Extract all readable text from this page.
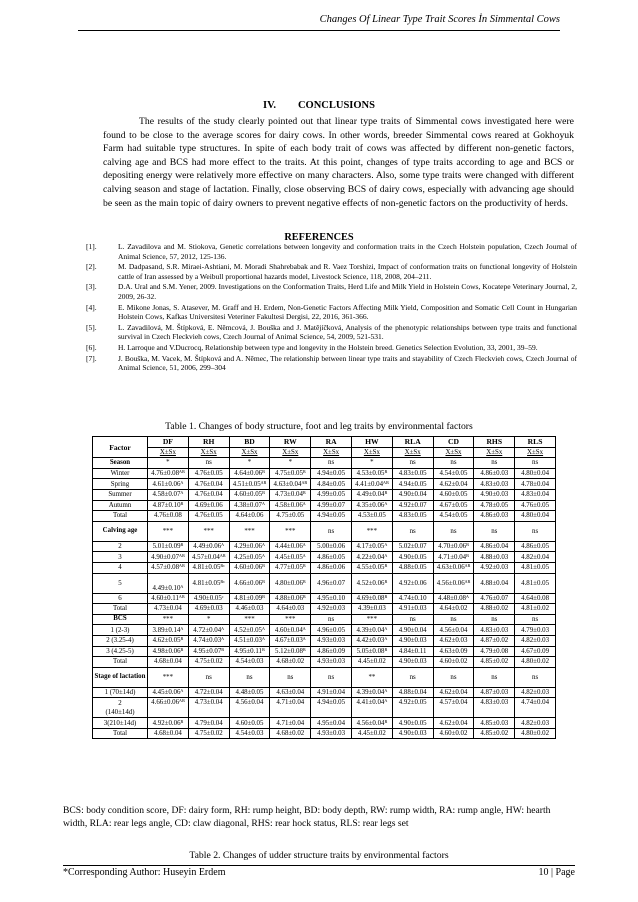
Changes Of Linear Type Trait Scores İn Simmental Cows
IV. CONCLUSIONS
The results of the study clearly pointed out that linear type traits of Simmental cows investigated here were found to be close to the average scores for dairy cows. In other words, breeder Simmental cows reared at Gokhoyuk Farm had suitable type structures. In spite of each body trait of cows was affected by different non-genetic factors, calving age and BCS had more effect to the traits. At this point, changes of type traits according to age and BCS or depositing energy were relatively more effective on many characters. Also, some type traits were changed with different calving season and stage of lactation. Finally, close observing BCS of dairy cows, especially with advancing age should be seen as the main topic of dairy owners to prevent negative effects of non-genetic factors on the productivity of herds.
REFERENCES
[1].	L. Zavadilova and M. Stiokova, Genetic correlations between longevity and conformation traits in the Czech Holstein population, Czech Journal of Animal Science, 57, 2012, 125-136.
[2].	M. Dadpasand, S.R. Miraei-Ashtiani, M. Moradi Shahrebabak and R. Vaez Torshizi, Impact of conformation traits on functional longevity of Holstein cattle of Iran assessed by a Weibull proportional hazards model, Livestock Science, 118, 2008, 204–211.
[3].	D.A. Ural and S.M. Yener, 2009. Investigations on the Conformation Traits, Herd Life and Milk Yield in Holstein Cows, Kocatepe Veterinary Journal, 2, 2009, 26-32.
[4].	E. Mikone Jonas, S. Atasever, M. Graff and H. Erdem, Non-Genetic Factors Affecting Milk Yield, Composition and Somatic Cell Count in Hungarian Holstein Cows, Kafkas Universitesi Veteriner Fakultesi Dergisi, 22, 2016, 361-366.
[5].	L. Zavadilová, M. Štípková, E. Němcová, J. Bouška and J. Matějíčková, Analysis of the phenotypic relationships between type traits and functional survival in Czech Fleckvieh cows, Czech Journal of Animal Science, 54, 2009, 521-531.
[6].	H. Larroque and V.Ducrocq, Relationship between type and longevity in the Holstein breed. Genetics Selection Evolution, 33, 2001, 39–59.
[7].	J. Bouška, M. Vacek, M. Štípková and A. Němec, The relationship between linear type traits and stayability of Czech Fleckvieh cows, Czech Journal of Animal Science, 51, 2006, 299–304
Table 1. Changes of body structure, foot and leg traits by environmental factors
Factor	DF	RH	BD	RW	RA	HW	RLA	CD	RHS	RLS
	X±Sx	X±Sx	X±Sx	X±Sx	X±Sx	X±Sx	X±Sx	X±Sx	X±Sx	X±Sx
Season	*	ns	*	*	ns	*	ns	ns	ns	ns

Winter	4.76±0.08ᴬᴮ	4.76±0.05	4.64±0.06ᴮ	4.75±0.05ᴮ	4.94±0.05	4.53±0.05ᴮ	4.83±0.05	4.54±0.05	4.86±0.03	4.80±0.04

Spring	4.61±0.06ᴬ	4.76±0.04	4.51±0.05ᴬᴮ	4.63±0.04ᴬᴮ	4.84±0.05	4.41±0.04ᴬᴮ	4.94±0.05	4.62±0.04	4.83±0.03	4.78±0.04

Summer	4.58±0.07ᴬ	4.76±0.04	4.60±0.05ᴮ	4.73±0.04ᴮ	4.99±0.05	4.49±0.04ᴮ	4.90±0.04	4.60±0.05	4.90±0.03	4.83±0.04

Autumn	4.87±0.10ᴮ	4.69±0.06	4.38±0.07ᴬ	4.58±0.06ᴬ	4.99±0.07	4.35±0.06ᴬ	4.92±0.07	4.67±0.05	4.78±0.05	4.76±0.05
Total	4.76±0.08	4.76±0.05	4.64±0.06	4.75±0.05	4.94±0.05	4.53±0.05	4.83±0.05	4.54±0.05	4.86±0.03	4.80±0.04
Calving age	***	***	***	***	ns	***	ns	ns	ns	ns

2	5.01±0.09ᴮ	4.49±0.06ᴬ	4.29±0.06ᴬ	4.44±0.06ᴬ	5.00±0.06	4.17±0.05ᴬ	5.02±0.07	4.70±0.06ᴮ	4.86±0.04	4.86±0.05

3	4.90±0.07ᴬᴮ	4.57±0.04ᴬᴮ	4.25±0.05ᴬ	4.45±0.05ᴬ	4.86±0.05	4.22±0.04ᴬ	4.90±0.05	4.71±0.04ᴮ	4.88±0.03	4.82±0.04

4	4.57±0.08ᴬᴮ	4.81±0.05ᴮᶜ	4.60±0.06ᴮ	4.77±0.05ᴮ	4.86±0.06	4.55±0.05ᴮ	4.88±0.05	4.63±0.06ᴬᴮ	4.92±0.03	4.81±0.05

5	4.49±0.10ᴬ	4.81±0.05ᴮᶜ	4.66±0.06ᴮ	4.80±0.06ᴮ	4.96±0.07	4.52±0.06ᴮ	4.92±0.06	4.56±0.06ᴬᴮ	4.88±0.04	4.81±0.05

6	4.60±0.11ᴬᴮ	4.90±0.05ᶜ	4.81±0.09ᴮ	4.88±0.06ᴮ	4.95±0.10	4.69±0.08ᴮ	4.74±0.10	4.48±0.08ᴬ	4.76±0.07	4.64±0.08
Total	4.73±0.04	4.69±0.03	4.46±0.03	4.64±0.03	4.92±0.03	4.39±0.03	4.91±0.03	4.64±0.02	4.88±0.02	4.81±0.02
BCS	***	*	***	***	ns	***	ns	ns	ns	ns

1 (2-3)	3.89±0.14ᴬ	4.72±0.04ᴬ	4.52±0.05ᴬ	4.60±0.04ᴬ	4.96±0.05	4.39±0.04ᴬ	4.90±0.04	4.56±0.04	4.83±0.03	4.79±0.03

2 (3.25-4)	4.62±0.05ᴮ	4.74±0.03ᴬ	4.51±0.03ᴬ	4.67±0.03ᴬ	4.93±0.03	4.42±0.03ᴬ	4.90±0.03	4.62±0.03	4.87±0.02	4.82±0.03

3 (4.25-5)	4.98±0.06ᴮ	4.95±0.07ᴮ	4.95±0.11ᴮ	5.12±0.08ᴮ	4.86±0.09	5.05±0.08ᴮ	4.84±0.11	4.63±0.09	4.79±0.08	4.67±0.09
Total	4.68±0.04	4.75±0.02	4.54±0.03	4.68±0.02	4.93±0.03	4.45±0.02	4.90±0.03	4.60±0.02	4.85±0.02	4.80±0.02
Stage of lactation	***	ns	ns	ns	ns	**	ns	ns	ns	ns

1 (70±14d)	4.45±0.06ᴬ	4.72±0.04	4.48±0.05	4.63±0.04	4.91±0.04	4.39±0.04ᴬ	4.88±0.04	4.62±0.04	4.87±0.03	4.82±0.03

2
(140±14d)	4.66±0.06ᴬᴮ	4.73±0.04	4.56±0.04	4.71±0.04	4.94±0.05	4.41±0.04ᴬ	4.92±0.05	4.57±0.04	4.83±0.03	4.74±0.04

3(210±14d)	4.92±0.06ᴮ	4.79±0.04	4.60±0.05	4.71±0.04	4.95±0.04	4.56±0.04ᴮ	4.90±0.05	4.62±0.04	4.85±0.03	4.82±0.03
Total	4.68±0.04	4.75±0.02	4.54±0.03	4.68±0.02	4.93±0.03	4.45±0.02	4.90±0.03	4.60±0.02	4.85±0.02	4.80±0.02
BCS: body condition score, DF: dairy form, RH: rump height, BD: body depth, RW: rump width, RA: rump angle, HW: hearth width, RLA: rear legs angle, CD: claw diagonal, RHS: rear hock status, RLS: rear legs set
Table 2. Changes of udder structure traits by environmental factors
*Corresponding Author: Huseyin Erdem	10 | Page
